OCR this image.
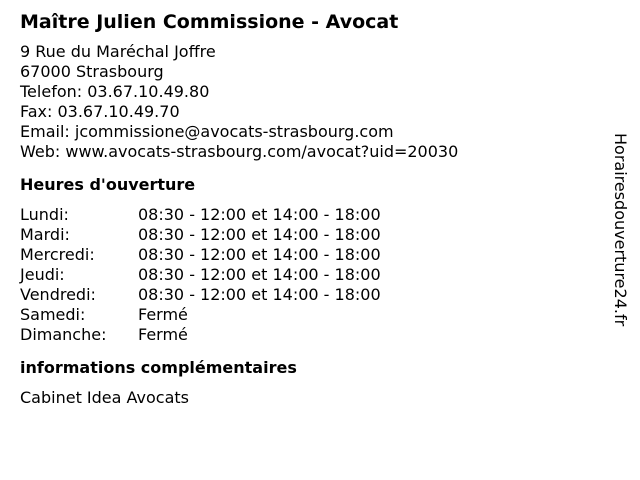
Maître Julien Commissione - Avocat
9 Rue du Maréchal Joffre
67000 Strasbourg
Telefon: 03.67.10.49.80
Fax: 03.67.10.49.70
Email: jcommissione@avocats-strasbourg.com
Web: www.avocats-strasbourg.com/avocat?uid=20030
Heures d'ouverture
Lundi:	08:30 - 12:00 et 14:00 - 18:00
Mardi:	08:30 - 12:00 et 14:00 - 18:00
Mercredi:	08:30 - 12:00 et 14:00 - 18:00
Jeudi:	08:30 - 12:00 et 14:00 - 18:00
Vendredi:	08:30 - 12:00 et 14:00 - 18:00
Samedi:	Fermé
Dimanche:	Fermé
informations complémentaires
Cabinet Idea Avocats
Horairesdouverture24.fr
